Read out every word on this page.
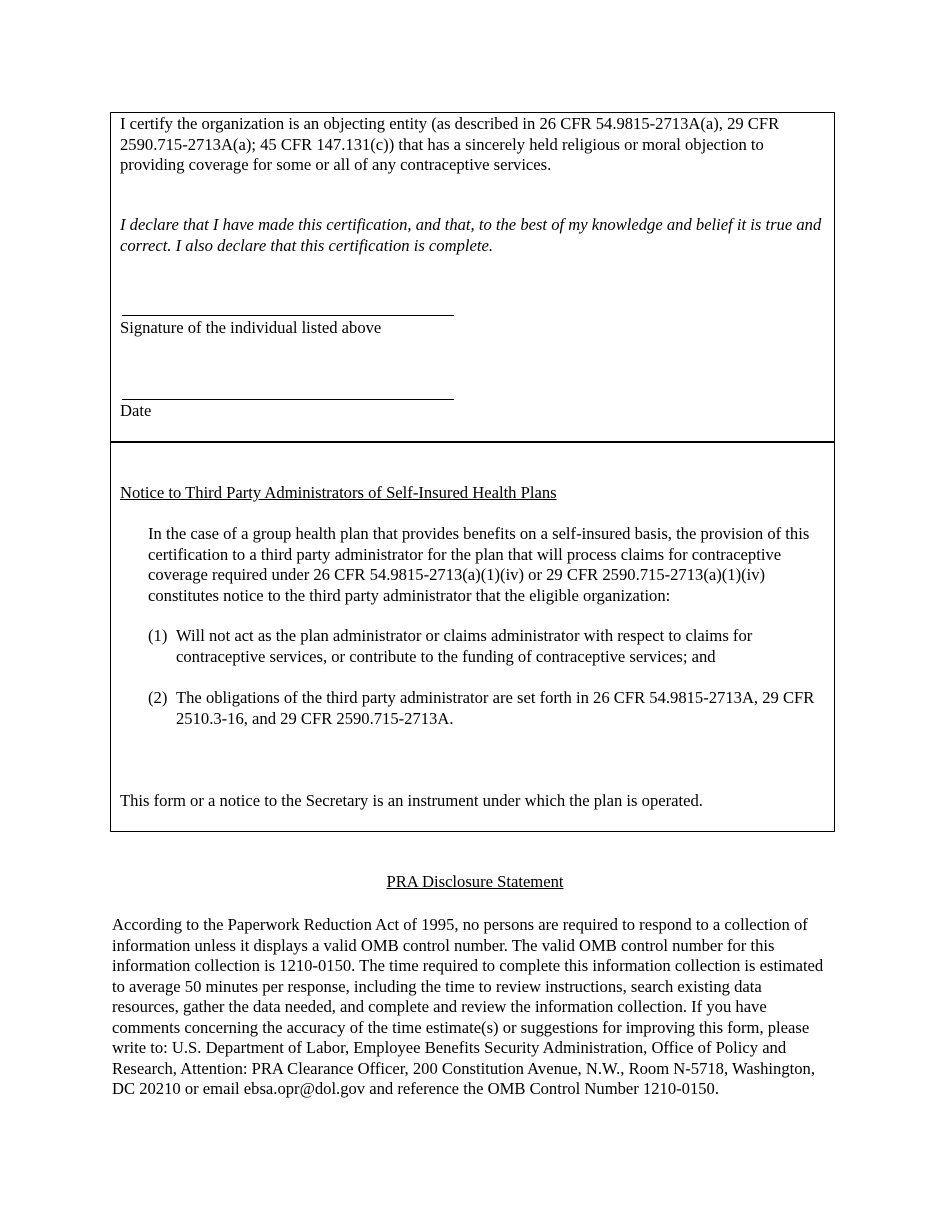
I certify the organization is an objecting entity (as described in 26 CFR 54.9815-2713A(a), 29 CFR 2590.715-2713A(a); 45 CFR 147.131(c)) that has a sincerely held religious or moral objection to providing coverage for some or all of any contraceptive services.

I declare that I have made this certification, and that, to the best of my knowledge and belief it is true and correct. I also declare that this certification is complete.

Signature of the individual listed above

Date

Notice to Third Party Administrators of Self-Insured Health Plans

In the case of a group health plan that provides benefits on a self-insured basis, the provision of this certification to a third party administrator for the plan that will process claims for contraceptive coverage required under 26 CFR 54.9815-2713(a)(1)(iv) or 29 CFR 2590.715-2713(a)(1)(iv) constitutes notice to the third party administrator that the eligible organization:

(1) Will not act as the plan administrator or claims administrator with respect to claims for contraceptive services, or contribute to the funding of contraceptive services; and
(2) The obligations of the third party administrator are set forth in 26 CFR 54.9815-2713A, 29 CFR 2510.3-16, and 29 CFR 2590.715-2713A.

This form or a notice to the Secretary is an instrument under which the plan is operated.

PRA Disclosure Statement

According to the Paperwork Reduction Act of 1995, no persons are required to respond to a collection of information unless it displays a valid OMB control number. The valid OMB control number for this information collection is 1210-0150. The time required to complete this information collection is estimated to average 50 minutes per response, including the time to review instructions, search existing data resources, gather the data needed, and complete and review the information collection. If you have comments concerning the accuracy of the time estimate(s) or suggestions for improving this form, please write to: U.S. Department of Labor, Employee Benefits Security Administration, Office of Policy and Research, Attention: PRA Clearance Officer, 200 Constitution Avenue, N.W., Room N-5718, Washington, DC 20210 or email ebsa.opr@dol.gov and reference the OMB Control Number 1210-0150.
